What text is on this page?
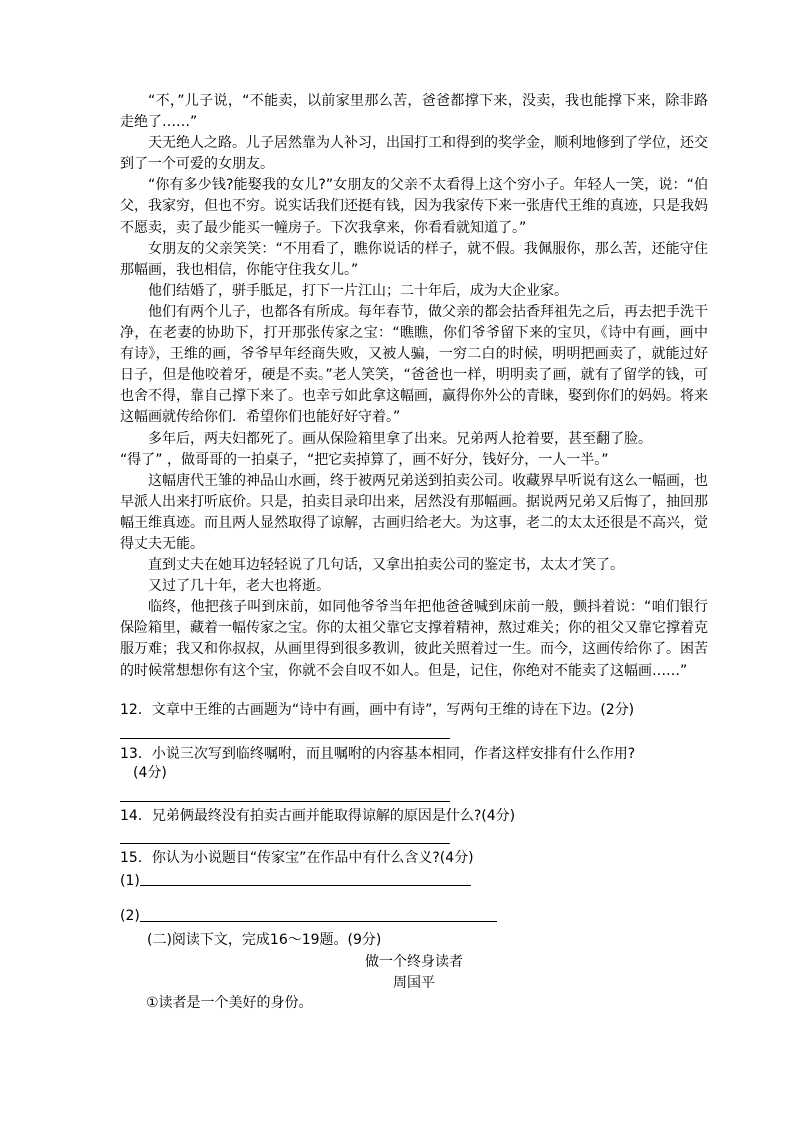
“不，”儿子说，“不能卖，以前家里那么苦，爸爸都撑下来，没卖，我也能撑下来，除非路走绝了……”

天无绝人之路。儿子居然靠为人补习，出国打工和得到的奖学金，顺利地修到了学位，还交到了一个可爱的女朋友。

“你有多少钱?能娶我的女儿?”女朋友的父亲不太看得上这个穷小子。年轻人一笑，说：“伯父，我家穷，但也不穷。说实话我们还挺有钱，因为我家传下来一张唐代王维的真迹，只是我妈不愿卖，卖了最少能买一幢房子。下次我拿来，你看看就知道了。”

女朋友的父亲笑笑：“不用看了，瞧你说话的样子，就不假。我佩服你，那么苦，还能守住那幅画，我也相信，你能守住我女儿。”

他们结婚了，骈手胝足，打下一片江山；二十年后，成为大企业家。

他们有两个儿子，也都各有所成。每年春节，做父亲的都会拈香拜祖先之后，再去把手洗干净，在老妻的协助下，打开那张传家之宝：“瞧瞧，你们爷爷留下来的宝贝，《诗中有画，画中有诗》，王维的画，爷爷早年经商失败，又被人骗，一穷二白的时候，明明把画卖了，就能过好日子，但是他咬着牙，硬是不卖。”老人笑笑，“爸爸也一样，明明卖了画，就有了留学的钱，可也舍不得，靠自己撑下来了。也幸亏如此拿这幅画，赢得你外公的青睐，娶到你们的妈妈。将来这幅画就传给你们．希望你们也能好好守着。”

多年后，两夫妇都死了。画从保险箱里拿了出来。兄弟两人抢着要，甚至翻了脸。

“得了” ，做哥哥的一拍桌子，“把它卖掉算了，画不好分，钱好分，一人一半。”

这幅唐代王雏的神品山水画，终于被两兄弟送到拍卖公司。收藏界早听说有这么一幅画，也早派人出来打听底价。只是，拍卖目录印出来，居然没有那幅画。据说两兄弟又后悔了，抽回那幅王维真迹。而且两人显然取得了谅解，古画归给老大。为这事，老二的太太还很是不高兴，觉得丈夫无能。

直到丈夫在她耳边轻轻说了几句话，又拿出拍卖公司的鉴定书，太太才笑了。

又过了几十年，老大也将逝。

临终，他把孩子叫到床前，如同他爷爷当年把他爸爸喊到床前一般，颤抖着说：“咱们银行保险箱里，藏着一幅传家之宝。你的太祖父靠它支撑着精神，熬过难关；你的祖父又靠它撑着克服万难；我又和你叔叔，从画里得到很多教训，彼此关照着过一生。而今，这画传给你了。困苦的时候常想想你有这个宝，你就不会自叹不如人。但是，记住，你绝对不能卖了这幅画……”

12．文章中王维的古画题为“诗中有画，画中有诗”，写两句王维的诗在下边。(2分)
13．小说三次写到临终嘱咐，而且嘱咐的内容基本相同，作者这样安排有什么作用?
(4分)
14．兄弟俩最终没有拍卖古画并能取得谅解的原因是什么?(4分)
15．你认为小说题目“传家宝”在作品中有什么含义?(4分)
(1)
(2)
(二)阅读下文，完成16～19题。(9分)
做一个终身读者
周国平
①读者是一个美好的身份。
